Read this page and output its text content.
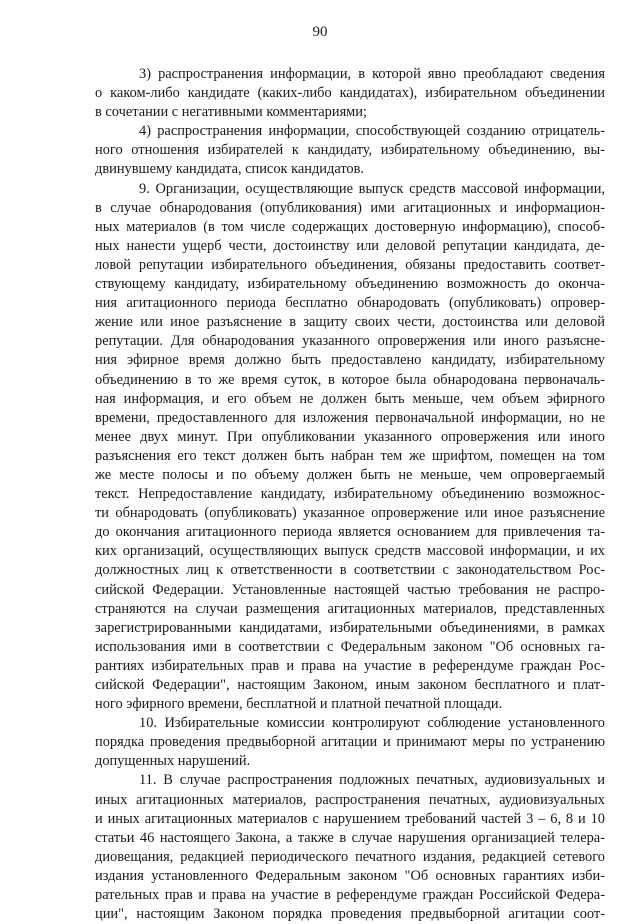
90
3) распространения информации, в которой явно преобладают сведения
о каком-либо кандидате (каких-либо кандидатах), избирательном объединении
в сочетании с негативными комментариями;
4) распространения информации, способствующей созданию отрицатель-
ного отношения избирателей к кандидату, избирательному объединению, вы-
двинувшему кандидата, список кандидатов.
9. Организации, осуществляющие выпуск средств массовой информации,
в случае обнародования (опубликования) ими агитационных и информацион-
ных материалов (в том числе содержащих достоверную информацию), способ-
ных нанести ущерб чести, достоинству или деловой репутации кандидата, де-
ловой репутации избирательного объединения, обязаны предоставить соответ-
ствующему кандидату, избирательному объединению возможность до оконча-
ния агитационного периода бесплатно обнародовать (опубликовать) опровер-
жение или иное разъяснение в защиту своих чести, достоинства или деловой
репутации. Для обнародования указанного опровержения или иного разъясне-
ния эфирное время должно быть предоставлено кандидату, избирательному
объединению в то же время суток, в которое была обнародована первоначаль-
ная информация, и его объем не должен быть меньше, чем объем эфирного
времени, предоставленного для изложения первоначальной информации, но не
менее двух минут. При опубликовании указанного опровержения или иного
разъяснения его текст должен быть набран тем же шрифтом, помещен на том
же месте полосы и по объему должен быть не меньше, чем опровергаемый
текст. Непредоставление кандидату, избирательному объединению возможнос-
ти обнародовать (опубликовать) указанное опровержение или иное разъяснение
до окончания агитационного периода является основанием для привлечения та-
ких организаций, осуществляющих выпуск средств массовой информации, и их
должностных лиц к ответственности в соответствии с законодательством Рос-
сийской Федерации. Установленные настоящей частью требования не распро-
страняются на случаи размещения агитационных материалов, представленных
зарегистрированными кандидатами, избирательными объединениями, в рамках
использования ими в соответствии с Федеральным законом "Об основных га-
рантиях избирательных прав и права на участие в референдуме граждан Рос-
сийской Федерации", настоящим Законом, иным законом бесплатного и плат-
ного эфирного времени, бесплатной и платной печатной площади.
10. Избирательные комиссии контролируют соблюдение установленного
порядка проведения предвыборной агитации и принимают меры по устранению
допущенных нарушений.
11. В случае распространения подложных печатных, аудиовизуальных и
иных агитационных материалов, распространения печатных, аудиовизуальных
и иных агитационных материалов с нарушением требований частей 3 – 6, 8 и 10
статьи 46 настоящего Закона, а также в случае нарушения организацией телера-
диовещания, редакцией периодического печатного издания, редакцией сетевого
издания установленного Федеральным законом "Об основных гарантиях изби-
рательных прав и права на участие в референдуме граждан Российской Федера-
ции", настоящим Законом порядка проведения предвыборной агитации соот-
